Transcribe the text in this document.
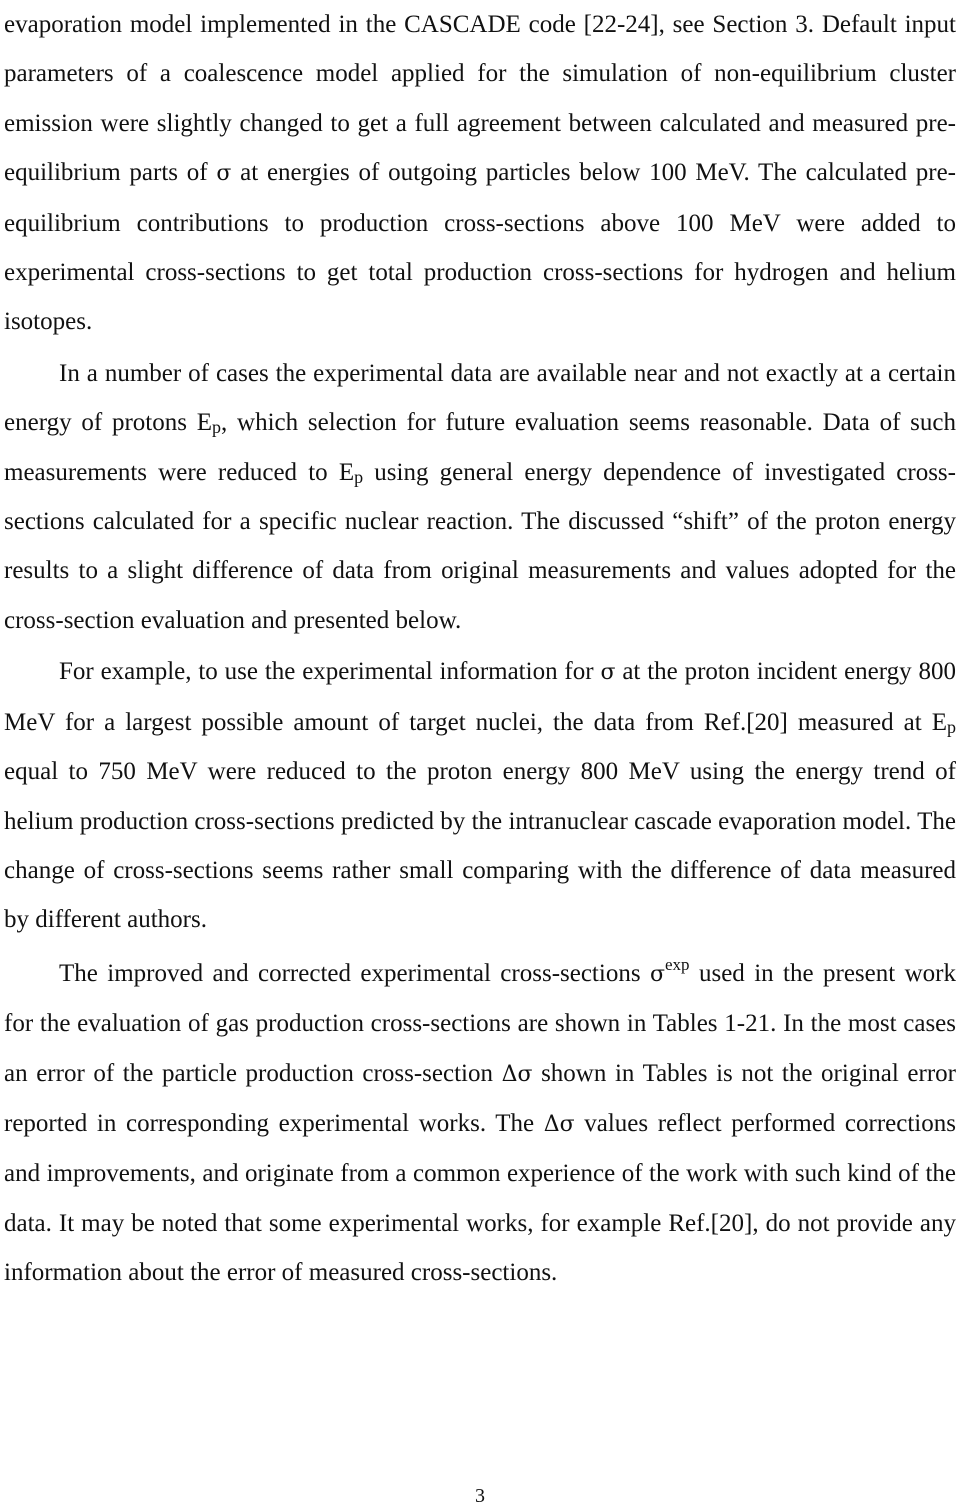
evaporation model implemented in the CASCADE code [22-24], see Section 3. Default input parameters of a coalescence model applied for the simulation of non-equilibrium cluster emission were slightly changed to get a full agreement between calculated and measured pre-equilibrium parts of σ at energies of outgoing particles below 100 MeV. The calculated pre-equilibrium contributions to production cross-sections above 100 MeV were added to experimental cross-sections to get total production cross-sections for hydrogen and helium isotopes.

In a number of cases the experimental data are available near and not exactly at a certain energy of protons $E_p$, which selection for future evaluation seems reasonable. Data of such measurements were reduced to $E_p$ using general energy dependence of investigated cross-sections calculated for a specific nuclear reaction. The discussed “shift” of the proton energy results to a slight difference of data from original measurements and values adopted for the cross-section evaluation and presented below.

For example, to use the experimental information for σ at the proton incident energy 800 MeV for a largest possible amount of target nuclei, the data from Ref.[20] measured at $E_p$ equal to 750 MeV were reduced to the proton energy 800 MeV using the energy trend of helium production cross-sections predicted by the intranuclear cascade evaporation model. The change of cross-sections seems rather small comparing with the difference of data measured by different authors.

The improved and corrected experimental cross-sections $\sigma^{exp}$ used in the present work for the evaluation of gas production cross-sections are shown in Tables 1-21. In the most cases an error of the particle production cross-section Δσ shown in Tables is not the original error reported in corresponding experimental works. The Δσ values reflect performed corrections and improvements, and originate from a common experience of the work with such kind of the data. It may be noted that some experimental works, for example Ref.[20], do not provide any information about the error of measured cross-sections.

3
